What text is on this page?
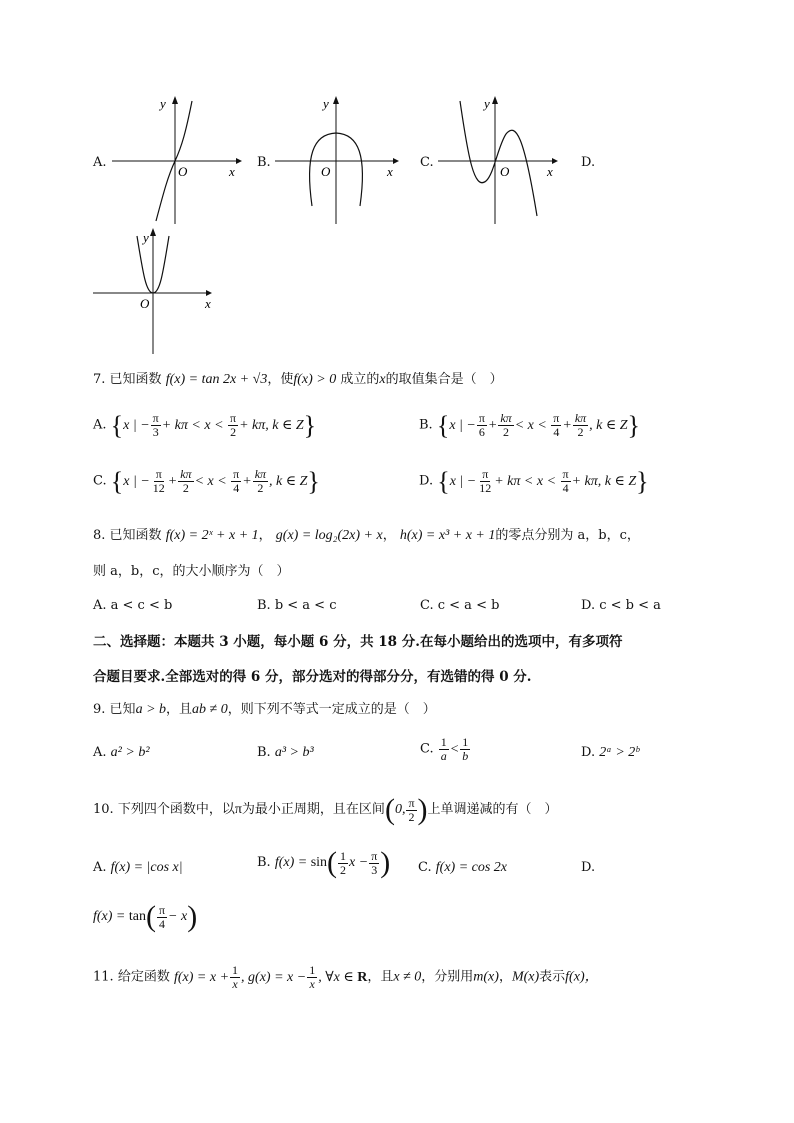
A.
y
x
O
B.
y
x
O
C.
y
x
O
D.
y
x
O
7. 已知函数 f(x) = tan 2x + √3，使f(x) > 0 成立的x的取值集合是（　）
A. {x | − $\frac{\pi}{3} + k\pi < x < \frac{\pi}{2} + k\pi$, k ∈ Z}	B. {x | − $\frac{\pi}{6} + \frac{k\pi}{2} < x < \frac{\pi}{4} + \frac{k\pi}{2}$ , k ∈ Z}
C. {x | − $\frac{\pi}{12} + \frac{k\pi}{2} < x < \frac{\pi}{4} + \frac{k\pi}{2}$ , k ∈ Z}	D. {x | − $\frac{\pi}{12} + k\pi < x < \frac{\pi}{4} + k\pi$, k ∈ Z}
8. 已知函数 f(x) = 2ˣ + x + 1， g(x) = log₂(2x) + x， h(x) = x³ + x + 1的零点分别为 a，b，c，
则 a，b，c，的大小顺序为（　）
A. a < c < b	B. b < a < c	C. c < a < b	D. c < b < a
二、选择题：本题共 3 小题，每小题 6 分，共 18 分.在每小题给出的选项中，有多项符
合题目要求.全部选对的得 6 分，部分选对的得部分分，有选错的得 0 分.
9. 已知a > b，且ab ≠ 0，则下列不等式一定成立的是（　）
A. a² > b²	B. a³ > b³	C. $\frac{1}{a} < \frac{1}{b}$	D. 2ᵃ > 2ᵇ
10. 下列四个函数中，以π为最小正周期，且在区间(0, $\frac{\pi}{2}$ )上单调递减的有（　）
A. f(x) = |cos x|	B. $f(x) = \sin( \frac{1}{2}$ $x - \frac{\pi}{3}$ ) C. f(x) = cos 2x	D.
$f(x) = \tan( \frac{\pi}{4} - x)$
11. 给定函数 $f(x) = x + \frac{1}{x}$ , $g(x) = x - \frac{1}{x}$ , ∀x ∈ R，且x ≠ 0，分别用m(x)，M(x)表示f(x)，
